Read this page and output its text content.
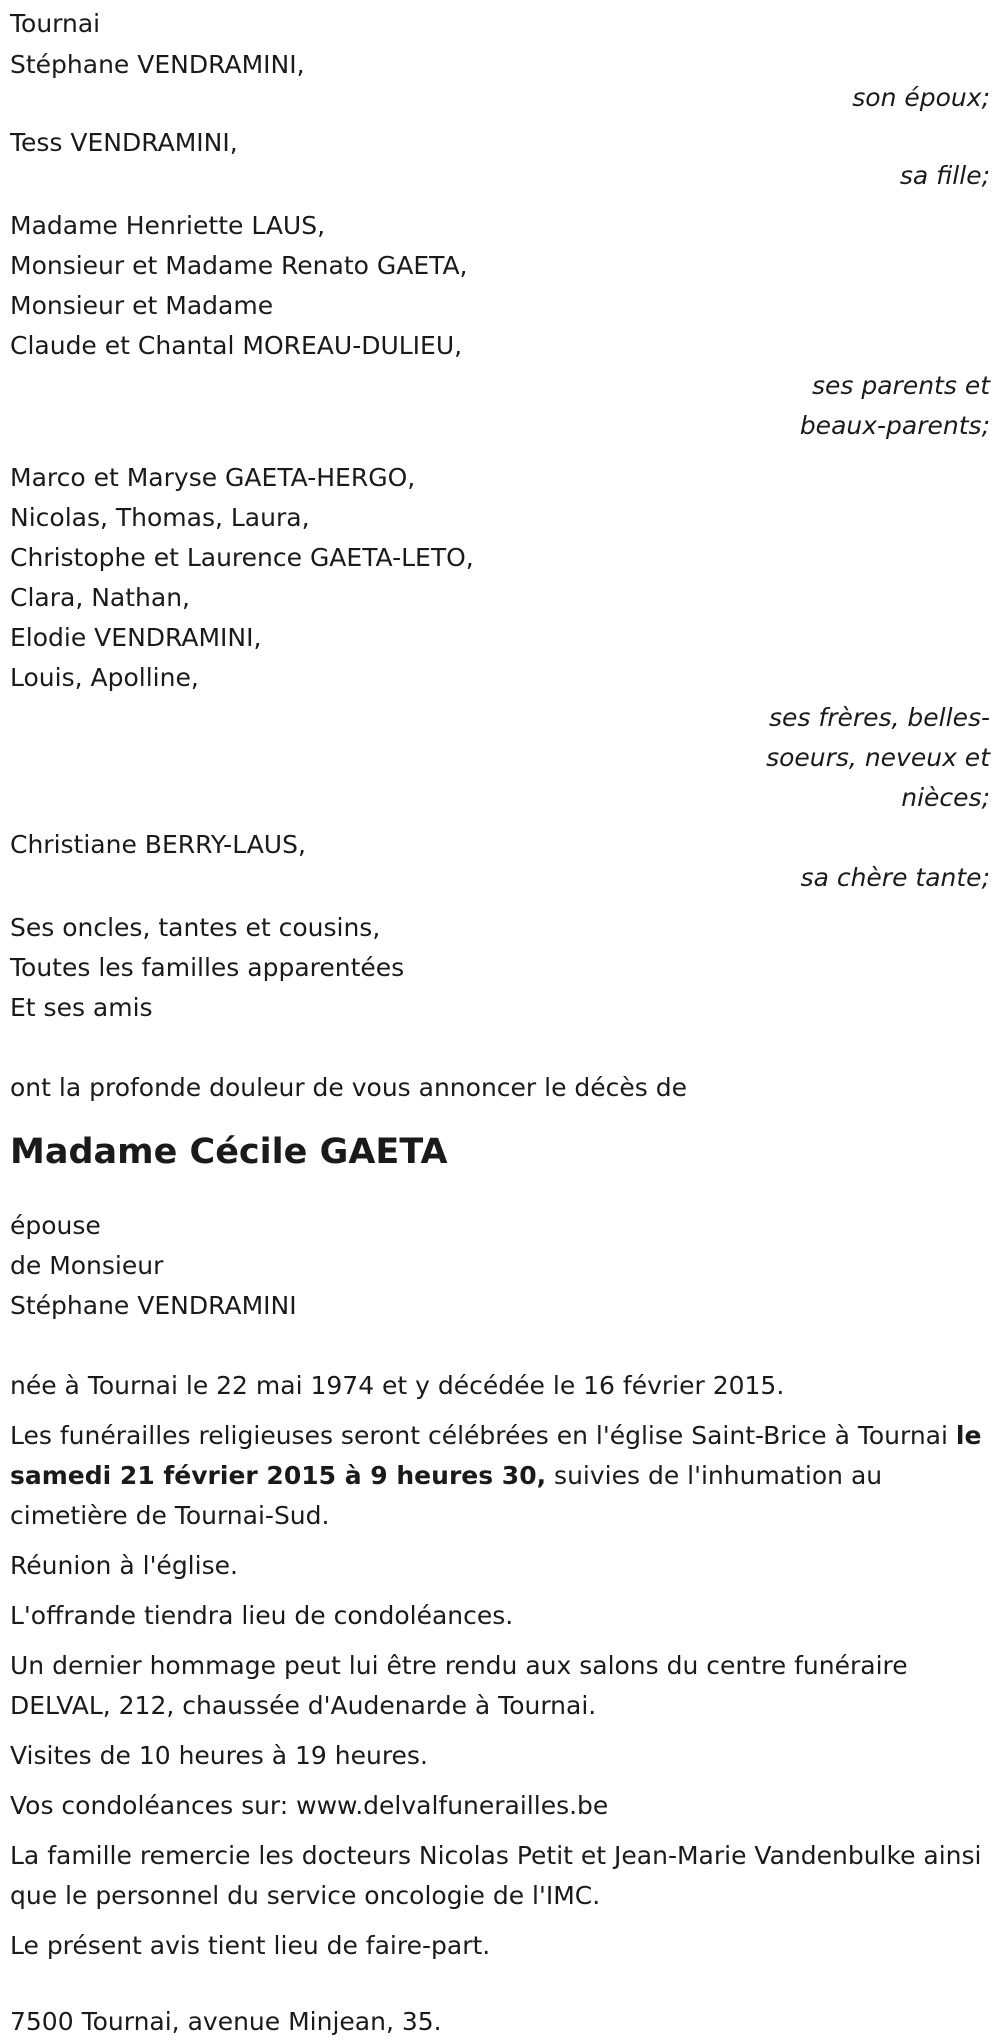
Tournai
Stéphane VENDRAMINI,
son époux;
Tess VENDRAMINI,
sa fille;
Madame Henriette LAUS,
Monsieur et Madame Renato GAETA,
Monsieur et Madame
Claude et Chantal MOREAU-DULIEU,
ses parents et
beaux-parents;
Marco et Maryse GAETA-HERGO,
Nicolas, Thomas, Laura,
Christophe et Laurence GAETA-LETO,
Clara, Nathan,
Elodie VENDRAMINI,
Louis, Apolline,
ses frères, belles-
soeurs, neveux et
nièces;
Christiane BERRY-LAUS,
sa chère tante;
Ses oncles, tantes et cousins,
Toutes les familles apparentées
Et ses amis
ont la profonde douleur de vous annoncer le décès de
Madame Cécile GAETA
épouse
de Monsieur
Stéphane VENDRAMINI
née à Tournai le 22 mai 1974 et y décédée le 16 février 2015.
Les funérailles religieuses seront célébrées en l'église Saint-Brice à Tournai le samedi 21 février 2015 à 9 heures 30, suivies de l'inhumation au cimetière de Tournai-Sud.
Réunion à l'église.
L'offrande tiendra lieu de condoléances.
Un dernier hommage peut lui être rendu aux salons du centre funéraire DELVAL, 212, chaussée d'Audenarde à Tournai.
Visites de 10 heures à 19 heures.
Vos condoléances sur: www.delvalfunerailles.be
La famille remercie les docteurs Nicolas Petit et Jean-Marie Vandenbulke ainsi que le personnel du service oncologie de l'IMC.
Le présent avis tient lieu de faire-part.
7500 Tournai, avenue Minjean, 35.
